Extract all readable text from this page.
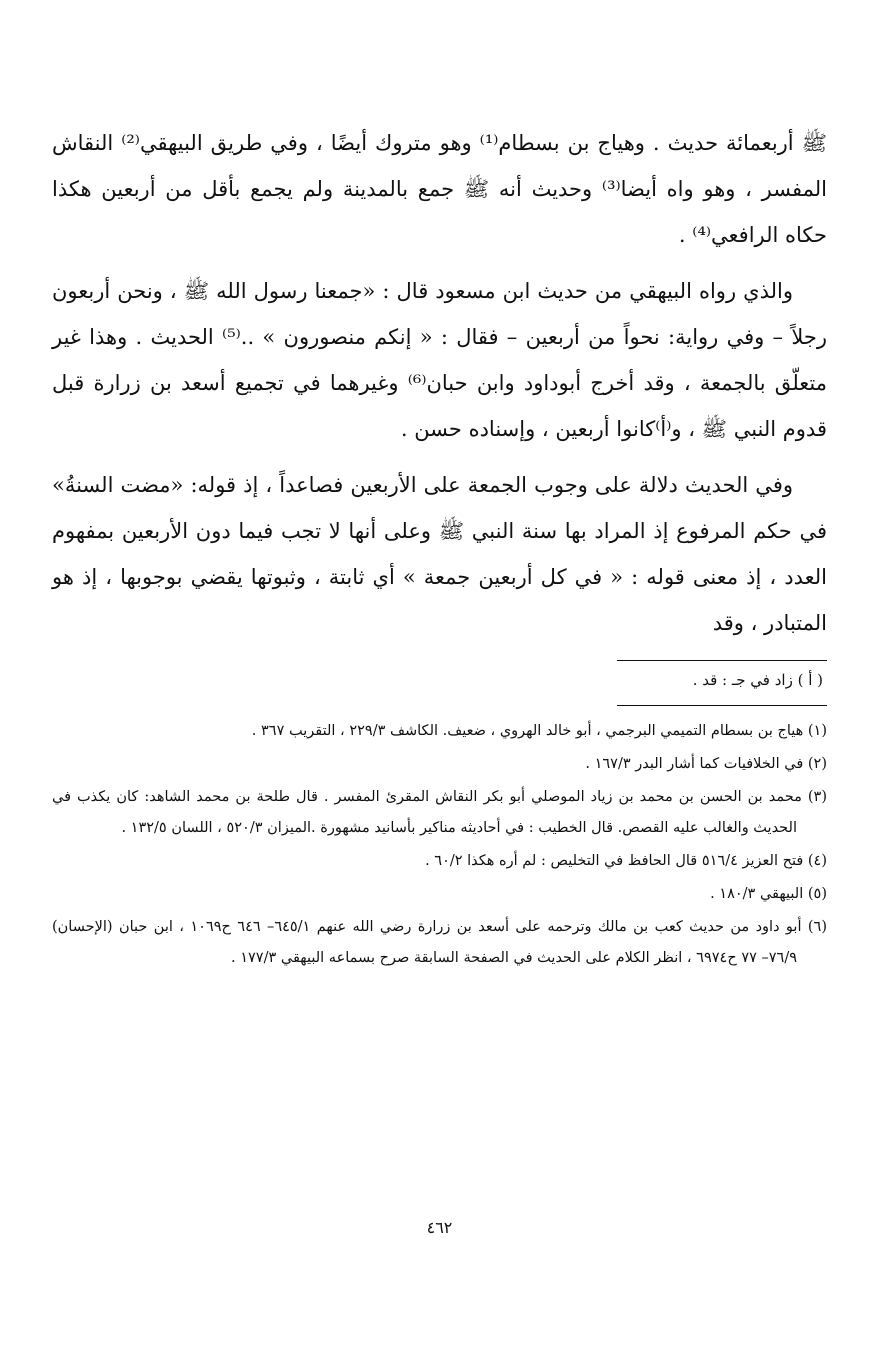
ﷺ أربعمائة حديث . وهياج بن بسطام⁽¹⁾ وهو متروك أيضًا ، وفي طريق البيهقي⁽²⁾ النقاش المفسر ، وهو واه أيضا⁽³⁾ وحديث أنه ﷺ جمع بالمدينة ولم يجمع بأقل من أربعين هكذا حكاه الرافعي⁽⁴⁾ .

والذي رواه البيهقي من حديث ابن مسعود قال : «جمعنا رسول الله ﷺ ، ونحن أربعون رجلاً – وفي رواية: نحواً من أربعين – فقال : « إنكم منصورون » ..⁽⁵⁾ الحديث . وهذا غير متعلّق بالجمعة ، وقد أخرج أبوداود وابن حبان⁽⁶⁾ وغيرهما في تجميع أسعد بن زرارة قبل قدوم النبي ﷺ ، و⁽أ⁾كانوا أربعين ، وإسناده حسن .

وفي الحديث دلالة على وجوب الجمعة على الأربعين فصاعداً ، إذ قوله: «مضت السنةُ» في حكم المرفوع إذ المراد بها سنة النبي ﷺ وعلى أنها لا تجب فيما دون الأربعين بمفهوم العدد ، إذ معنى قوله : « في كل أربعين جمعة » أي ثابتة ، وثبوتها يقضي بوجوبها ، إذ هو المتبادر ، وقد

( أ ) زاد في جـ : قد .

(١) هياج بن بسطام التميمي البرجمي ، أبو خالد الهروي ، ضعيف. الكاشف ٢٢٩/٣ ، التقريب ٣٦٧ .

(٢) في الخلافيات كما أشار البدر ١٦٧/٣ .

(٣) محمد بن الحسن بن محمد بن زياد الموصلي أبو بكر النقاش المقرئ المفسر . قال طلحة بن محمد الشاهد: كان يكذب في الحديث والغالب عليه القصص. قال الخطيب : في أحاديثه مناكير بأسانيد مشهورة .الميزان ٥٢٠/٣ ، اللسان ١٣٢/٥ .

(٤) فتح العزيز ٥١٦/٤ قال الحافظ في التخليص : لم أره هكذا ٦٠/٢ .

(٥) البيهقي ١٨٠/٣ .

(٦) أبو داود من حديث كعب بن مالك وترحمه على أسعد بن زرارة رضي الله عنهم ٦٤٥/١– ٦٤٦ ح١٠٦٩ ، ابن حبان (الإحسان) ٧٦/٩– ٧٧ ح٦٩٧٤ ، انظر الكلام على الحديث في الصفحة السابقة صرح بسماعه البيهقي ١٧٧/٣ .

٤٦٢
